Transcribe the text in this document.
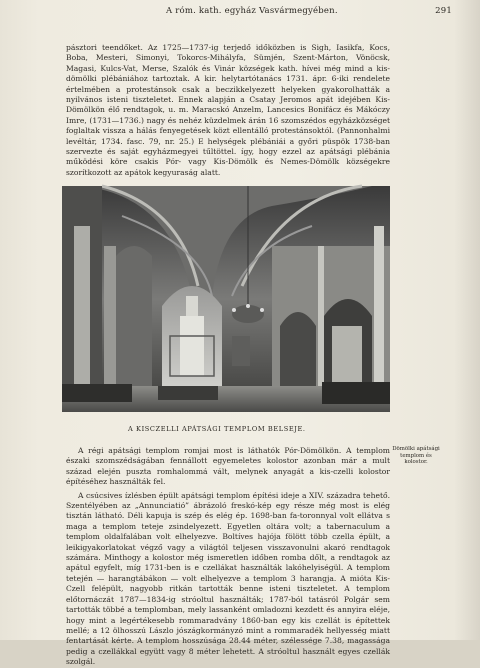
A róm. kath. egyház Vasvármegyében.	291
pásztori teendőket. Az 1725—1737-ig terjedő időközben is Sigh, Iasikfa, Kocs, Boba, Mesteri, Simonyi, Tokorcs-Mihályfa, Sümjén, Szent-Márton, Vönöcsk, Magasi, Kulcs-Vat, Merse, Szalók és Vinár községek kath. hívei még mind a kis-dömölki plébániához tartoztak. A kir. helytartótanács 1731. ápr. 6-iki rendelete értelmében a protestánsok csak a beczikkelyezett helyeken gyakorolhatták a nyilvános isteni tiszteletet. Ennek alapján a Csatay Jeromos apát idejében Kis-Dömölkön élő rendtagok, u. m. Maracskó Anzelm, Lancesics Bonifácz és Mákóczy Imre, (1731—1736.) nagy és nehéz küzdelmek árán 16 szomszédos egyházközséget foglaltak vissza a hálás fenyegetések közt ellentálló protestánsoktól. (Pannonhalmi levéltár, 1734. fasc. 79, nr. 25.) E helységek plébániái a győri püspök 1738-ban szervezte és saját egyházmegyei tűltöttel. így, hogy ezzel az apátsági plébánia működési köre csakis Pór- vagy Kis-Dömölk és Nemes-Dömölk községekre szorítkozott az apátok kegyuraság alatt.
A KISCZELLI APÁTSÁGI TEMPLOM BELSEJE.
Dömölki apátsági templom és kolostor.

A régi apátsági templom romjai most is láthatók Pór-Dömölkön. A templom északi szomszédságában fennállott egyemeletes kolostor azonban már a mult század elején puszta romhalommá vált, melynek anyagát a kis-czelli kolostor építéséhez használták fel.

A csúcsives ízlésben épült apátsági templom építési ideje a XIV. századra tehető. Szentélyében az „Annunciatió” ábrázoló freskó-kép egy része még most is elég tisztán látható. Déli kapuja is szép és elég ép. 1698-ban fa-toronnyal volt ellátva s maga a templom teteje zsindelyezett. Egyetlen oltára volt; a tabernaculum a templom oldalfalában volt elhelyezve. Boltíves hajója fölött több czella épült, a leikigyakorlatokat végző vagy a világtól teljesen visszavonulni akaró rendtagok számára. Minthogy a kolostor még ismeretlen időben romba dőlt, a rendtagok az apátul egyfelt, míg 1731-ben is e czellákat használták lakóhelyiségül. A templom tetején — harangtábákon — volt elhelyezve a templom 3 harangja. A mióta Kis-Czell felépült, nagyobb ritkán tartották benne isteni tiszteletet. A templom előtornáczát 1787—1834-ig stróoltul használták; 1787-ból tatásról Polgár sem tartották többé a templomban, mely lassanként omladozni kezdett és annyira eléje, hogy mint a legértékesebb rommaradvány 1860-ban egy kis czellát is építettek mellé; a 12 ölhosszú Lászlo jószágkormányzó mint a rommaradék hellyesség miatt fentartását kérte. A templom hosszúsága 28.44 méter, szélessége 7.38, magassága pedig a czellákkal együtt vagy 8 méter lehetett. A stróoltul használt egyes czellák szolgál.
